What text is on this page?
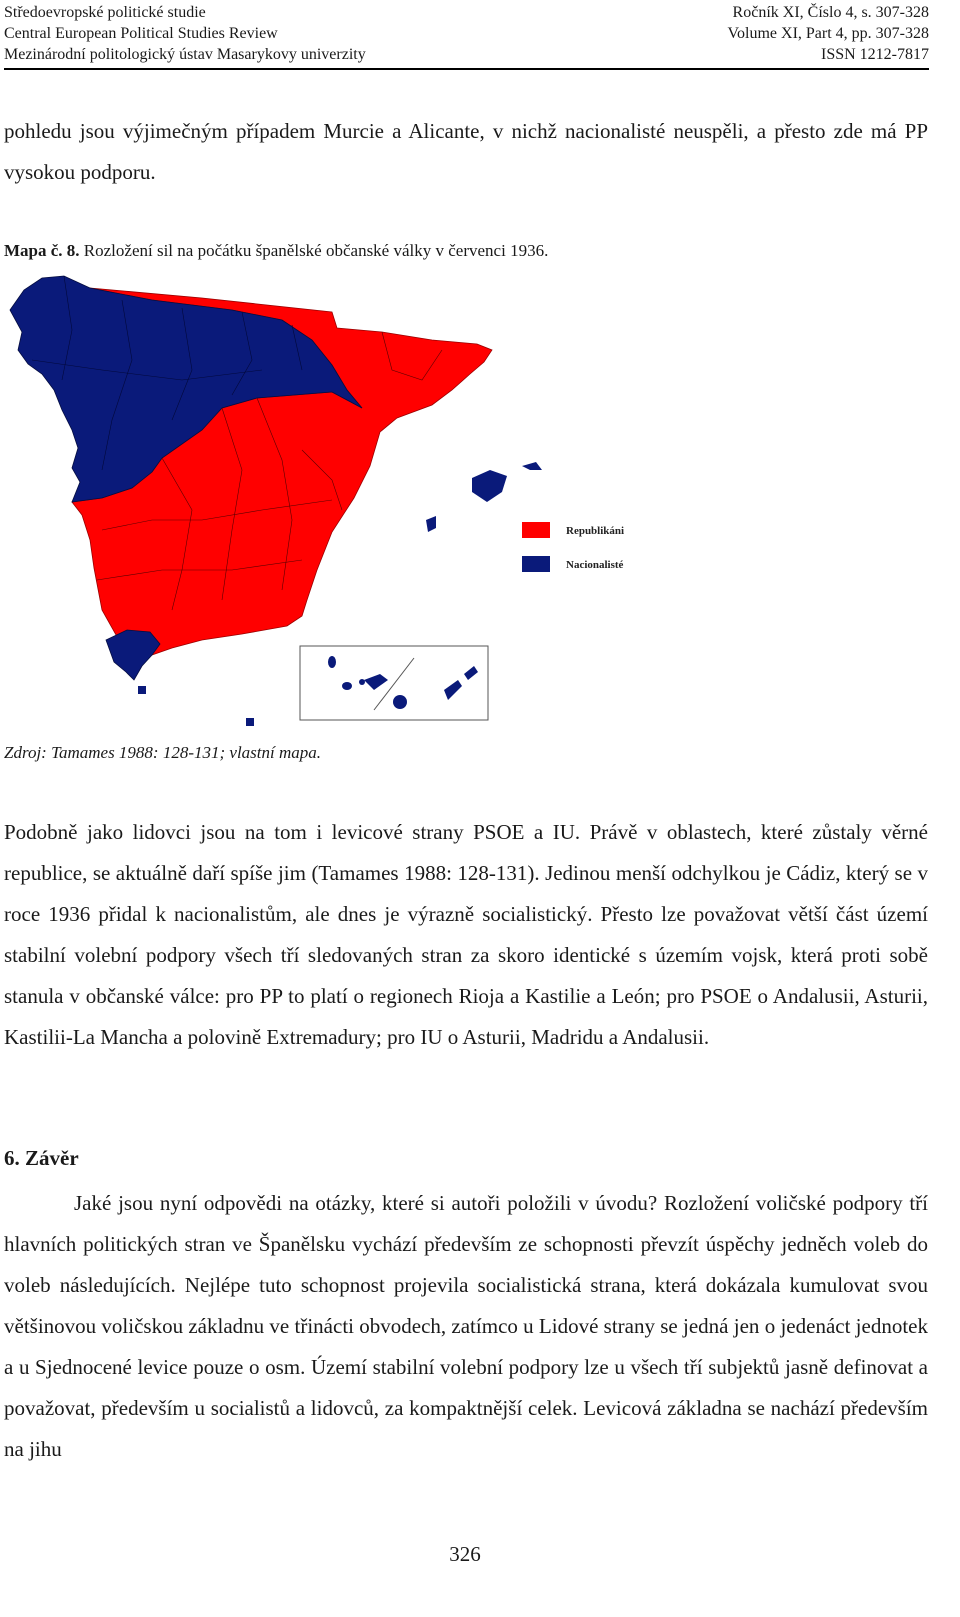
Středoevropské politické studie	Ročník XI, Číslo 4, s. 307-328
Central European Political Studies Review	Volume XI, Part 4, pp. 307-328
Mezinárodní politologický ústav Masarykovy univerzity	ISSN 1212-7817

pohledu jsou výjimečným případem Murcie a Alicante, v nichž nacionalisté neuspěli, a přesto zde má PP vysokou podporu.

Mapa č. 8. Rozložení sil na počátku španělské občanské války v červenci 1936.
Republikáni
Nacionalisté
Zdroj: Tamames 1988: 128-131; vlastní mapa.

Podobně jako lidovci jsou na tom i levicové strany PSOE a IU. Právě v oblastech, které zůstaly věrné republice, se aktuálně daří spíše jim (Tamames 1988: 128-131). Jedinou menší odchylkou je Cádiz, který se v roce 1936 přidal k nacionalistům, ale dnes je výrazně socialistický. Přesto lze považovat větší část území stabilní volební podpory všech tří sledovaných stran za skoro identické s územím vojsk, která proti sobě stanula v občanské válce: pro PP to platí o regionech Rioja a Kastilie a León; pro PSOE o Andalusii, Asturii, Kastilii-La Mancha a polovině Extremadury; pro IU o Asturii, Madridu a Andalusii.

6. Závěr

Jaké jsou nyní odpovědi na otázky, které si autoři položili v úvodu? Rozložení voličské podpory tří hlavních politických stran ve Španělsku vychází především ze schopnosti převzít úspěchy jedněch voleb do voleb následujících. Nejlépe tuto schopnost projevila socialistická strana, která dokázala kumulovat svou většinovou voličskou základnu ve třinácti obvodech, zatímco u Lidové strany se jedná jen o jedenáct jednotek a u Sjednocené levice pouze o osm. Území stabilní volební podpory lze u všech tří subjektů jasně definovat a považovat, především u socialistů a lidovců, za kompaktnější celek. Levicová základna se nachází především na jihu

326
